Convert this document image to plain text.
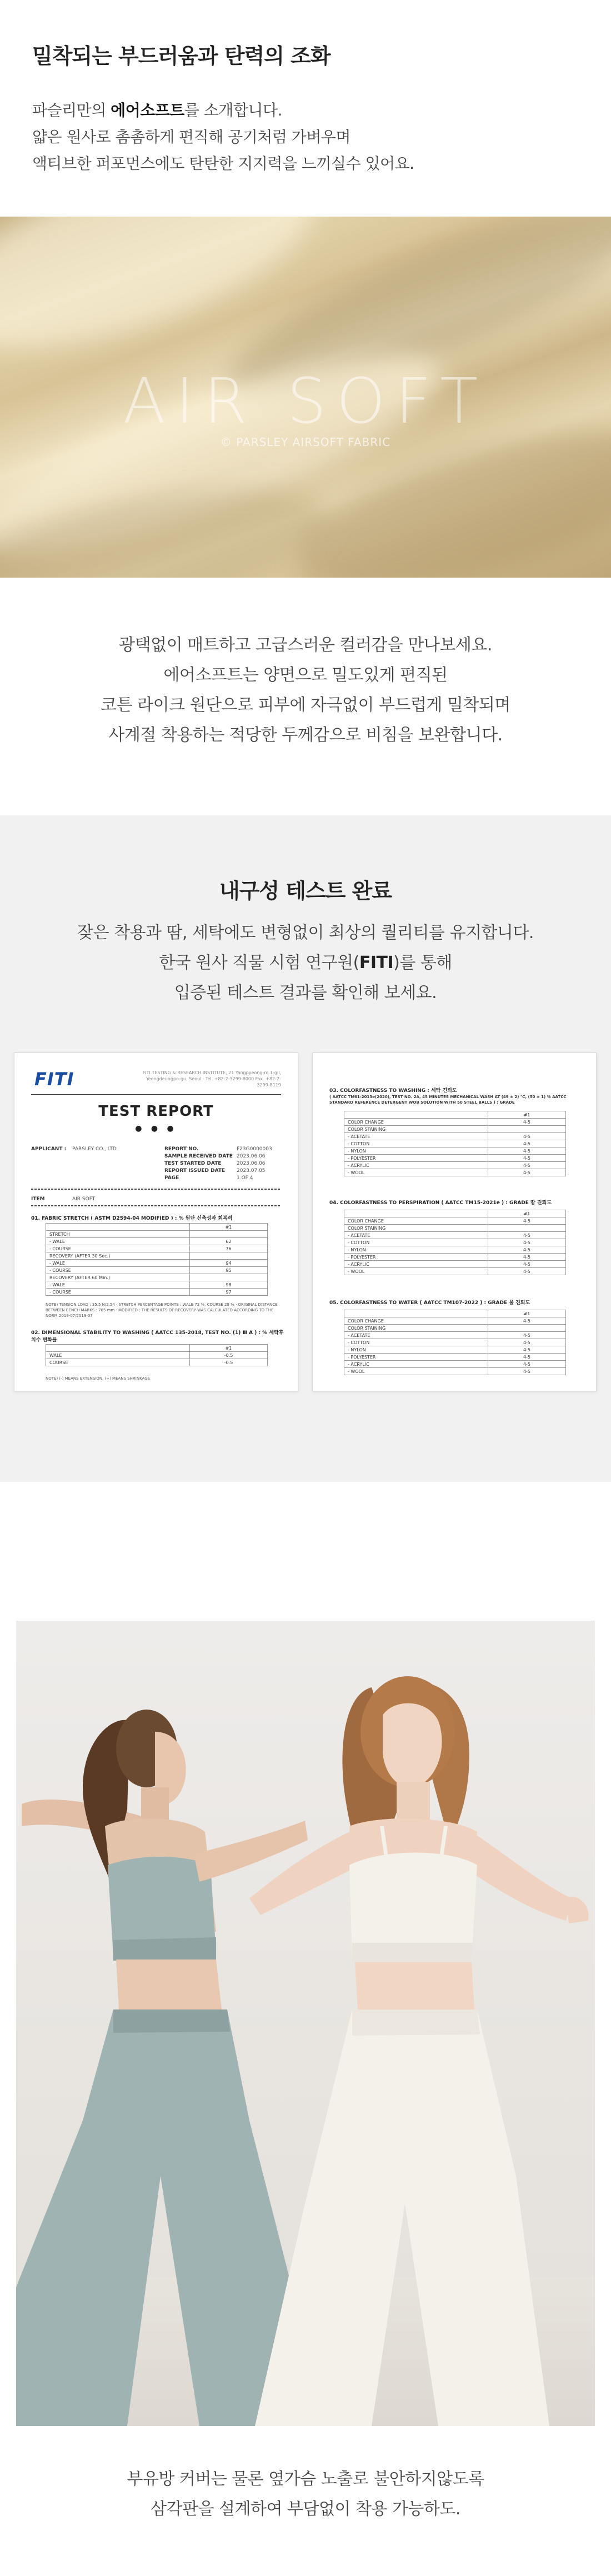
밀착되는 부드러움과 탄력의 조화
파슬리만의 에어소프트를 소개합니다.
얇은 원사로 촘촘하게 편직해 공기처럼 가벼우며
액티브한 퍼포먼스에도 탄탄한 지지력을 느끼실수 있어요.
AIR SOFT
© PARSLEY AIRSOFT FABRIC
광택없이 매트하고 고급스러운 컬러감을 만나보세요.
에어소프트는 양면으로 밀도있게 편직된
코튼 라이크 원단으로 피부에 자극없이 부드럽게 밀착되며
사계절 착용하는 적당한 두께감으로 비침을 보완합니다.
내구성 테스트 완료
잦은 착용과 땀, 세탁에도 변형없이 최상의 퀄리티를 유지합니다.
한국 원사 직물 시험 연구원(FITI)를 통해
입증된 테스트 결과를 확인해 보세요.
FITI	FITI TESTING & RESEARCH INSTITUTE, 21 Yangpyeong-ro 1-gil, Yeongdeungpo-gu, Seoul · Tel. +82-2-3299-8000 Fax. +82-2-3299-8119
TEST REPORT
● ● ●
APPLICANT : PARSLEY CO., LTD	REPORT NO.	F23G0000003
SAMPLE RECEIVED DATE 2023.06.06
TEST STARTED DATE	2023.06.06
REPORT ISSUED DATE 2023.07.05
PAGE	1 OF 4
ITEM	AIR SOFT
01. FABRIC STRETCH ( ASTM D2594-04 MODIFIED ) : % 원단 신축성과 회복력
	#1
STRETCH	
- WALE	62
- COURSE	76
RECOVERY (AFTER 30 Sec.)	
- WALE	94
- COURSE	95
RECOVERY (AFTER 60 Min.)	
- WALE	98
- COURSE	97
NOTE) TENSION LOAD : 35.5 N/2.54 · STRETCH PERCENTAGE POINTS : WALE 72 %, COURSE 28 % · ORIGINAL DISTANCE BETWEEN BENCH MARKS : 765 mm · MODIFIED : THE RESULTS OF RECOVERY WAS CALCULATED ACCORDING TO THE NORM 2019-07/2019-07
02. DIMENSIONAL STABILITY TO WASHING ( AATCC 135-2018, TEST NO. (1) Ⅲ A ) : % 세탁후 치수 변화율
	#1
WALE	-0.5
COURSE	-0.5
NOTE) (-) MEANS EXTENSION, (+) MEANS SHRINKAGE
03. COLORFASTNESS TO WASHING : 세탁 견뢰도
( AATCC TM61-2013e(2020), TEST NO. 2A, 45 MINUTES MECHANICAL WASH AT (49 ± 2) ℃, (50 ± 1) % AATCC STANDARD REFERENCE DETERGENT WOB SOLUTION WITH 50 STEEL BALLS ) : GRADE
	#1
COLOR CHANGE	4-5
COLOR STAINING	
- ACETATE	4-5
- COTTON	4-5
- NYLON	4-5
- POLYESTER	4-5
- ACRYLIC	4-5
- WOOL	4-5
04. COLORFASTNESS TO PERSPIRATION ( AATCC TM15-2021e ) : GRADE 땀 견뢰도
	#1
COLOR CHANGE	4-5
COLOR STAINING	
- ACETATE	4-5
- COTTON	4-5
- NYLON	4-5
- POLYESTER	4-5
- ACRYLIC	4-5
- WOOL	4-5
05. COLORFASTNESS TO WATER ( AATCC TM107-2022 ) : GRADE 물 견뢰도
	#1
COLOR CHANGE	4-5
COLOR STAINING	
- ACETATE	4-5
- COTTON	4-5
- NYLON	4-5
- POLYESTER	4-5
- ACRYLIC	4-5
- WOOL	4-5
부유방 커버는 물론 옆가슴 노출로 불안하지않도록
삼각판을 설계하여 부담없이 착용 가능하도.
